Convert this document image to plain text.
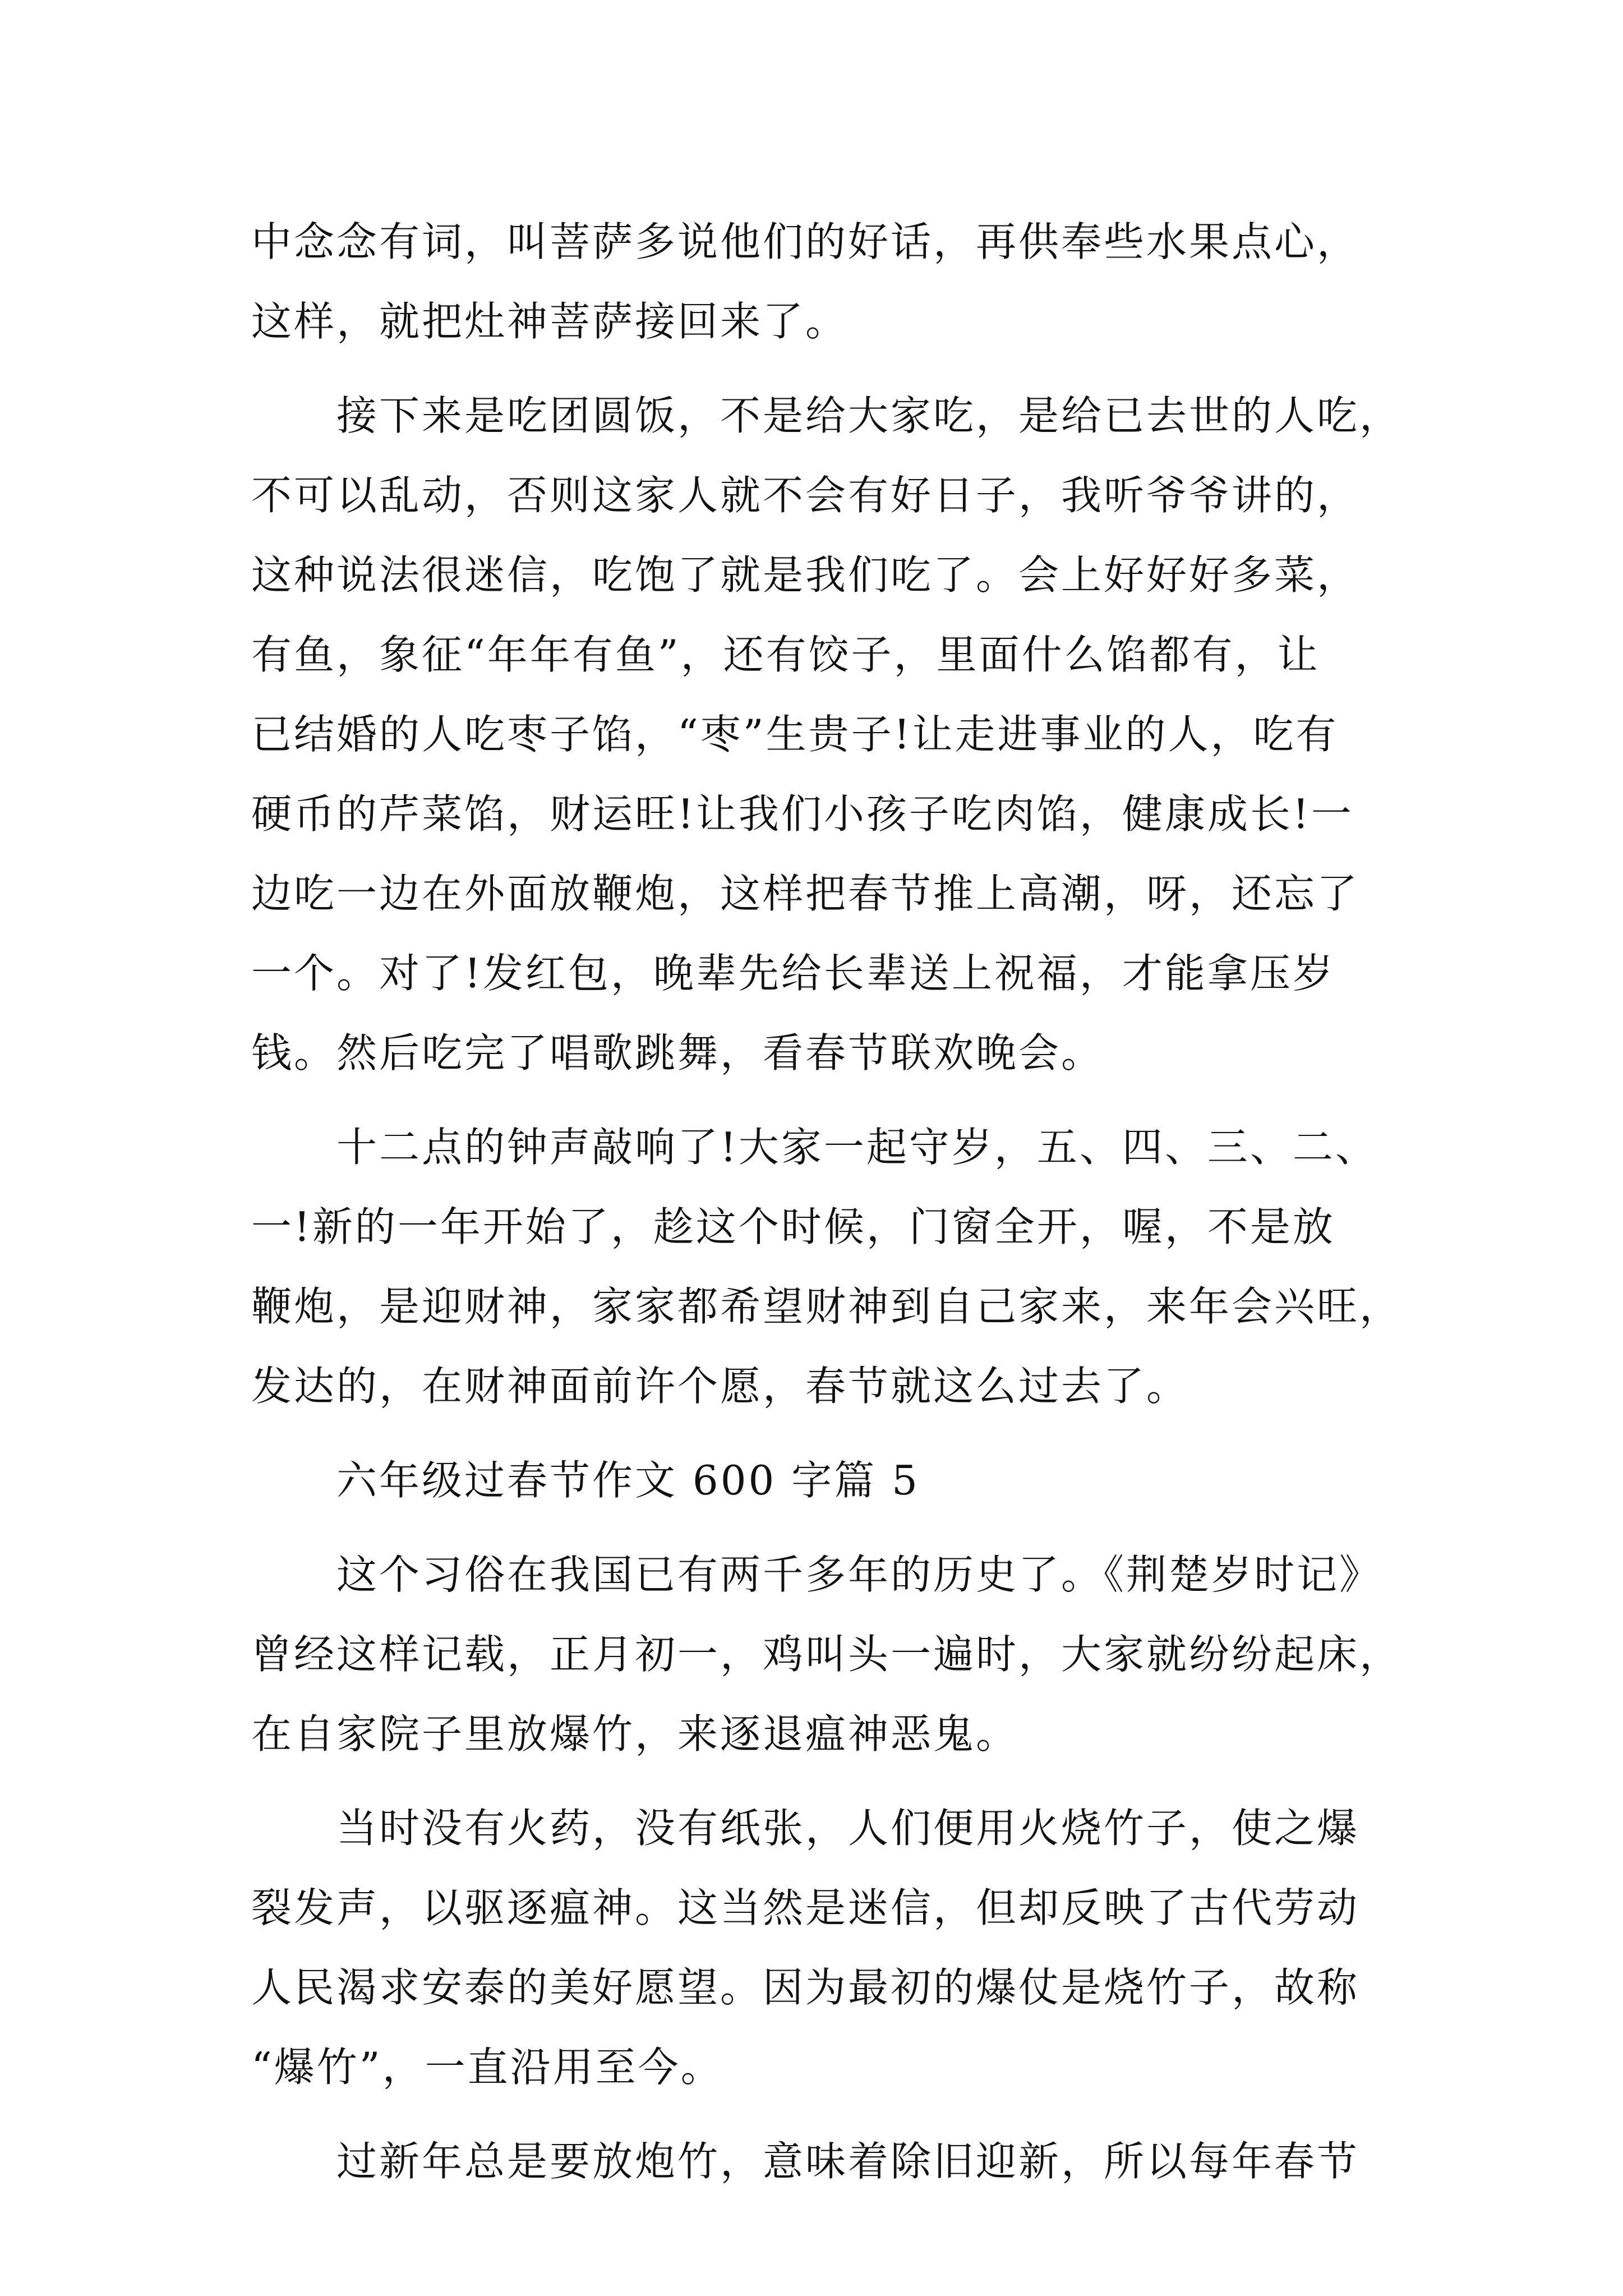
中念念有词，叫菩萨多说他们的好话，再供奉些水果点心，
这样，就把灶神菩萨接回来了。
接下来是吃团圆饭，不是给大家吃，是给已去世的人吃，
不可以乱动，否则这家人就不会有好日子，我听爷爷讲的，
这种说法很迷信，吃饱了就是我们吃了。会上好好好多菜，
有鱼，象征“年年有鱼”，还有饺子，里面什么馅都有，让
已结婚的人吃枣子馅，“枣”生贵子!让走进事业的人，吃有
硬币的芹菜馅，财运旺!让我们小孩子吃肉馅，健康成长!一
边吃一边在外面放鞭炮，这样把春节推上高潮，呀，还忘了
一个。对了!发红包，晚辈先给长辈送上祝福，才能拿压岁
钱。然后吃完了唱歌跳舞，看春节联欢晚会。
十二点的钟声敲响了!大家一起守岁，五、四、三、二、
一!新的一年开始了，趁这个时候，门窗全开，喔，不是放
鞭炮，是迎财神，家家都希望财神到自己家来，来年会兴旺，
发达的，在财神面前许个愿，春节就这么过去了。
六年级过春节作文 600 字篇 5
这个习俗在我国已有两千多年的历史了。《荆楚岁时记》
曾经这样记载，正月初一，鸡叫头一遍时，大家就纷纷起床，
在自家院子里放爆竹，来逐退瘟神恶鬼。
当时没有火药，没有纸张，人们便用火烧竹子，使之爆
裂发声，以驱逐瘟神。这当然是迷信，但却反映了古代劳动
人民渴求安泰的美好愿望。因为最初的爆仗是烧竹子，故称
“爆竹”，一直沿用至今。
过新年总是要放炮竹，意味着除旧迎新，所以每年春节
